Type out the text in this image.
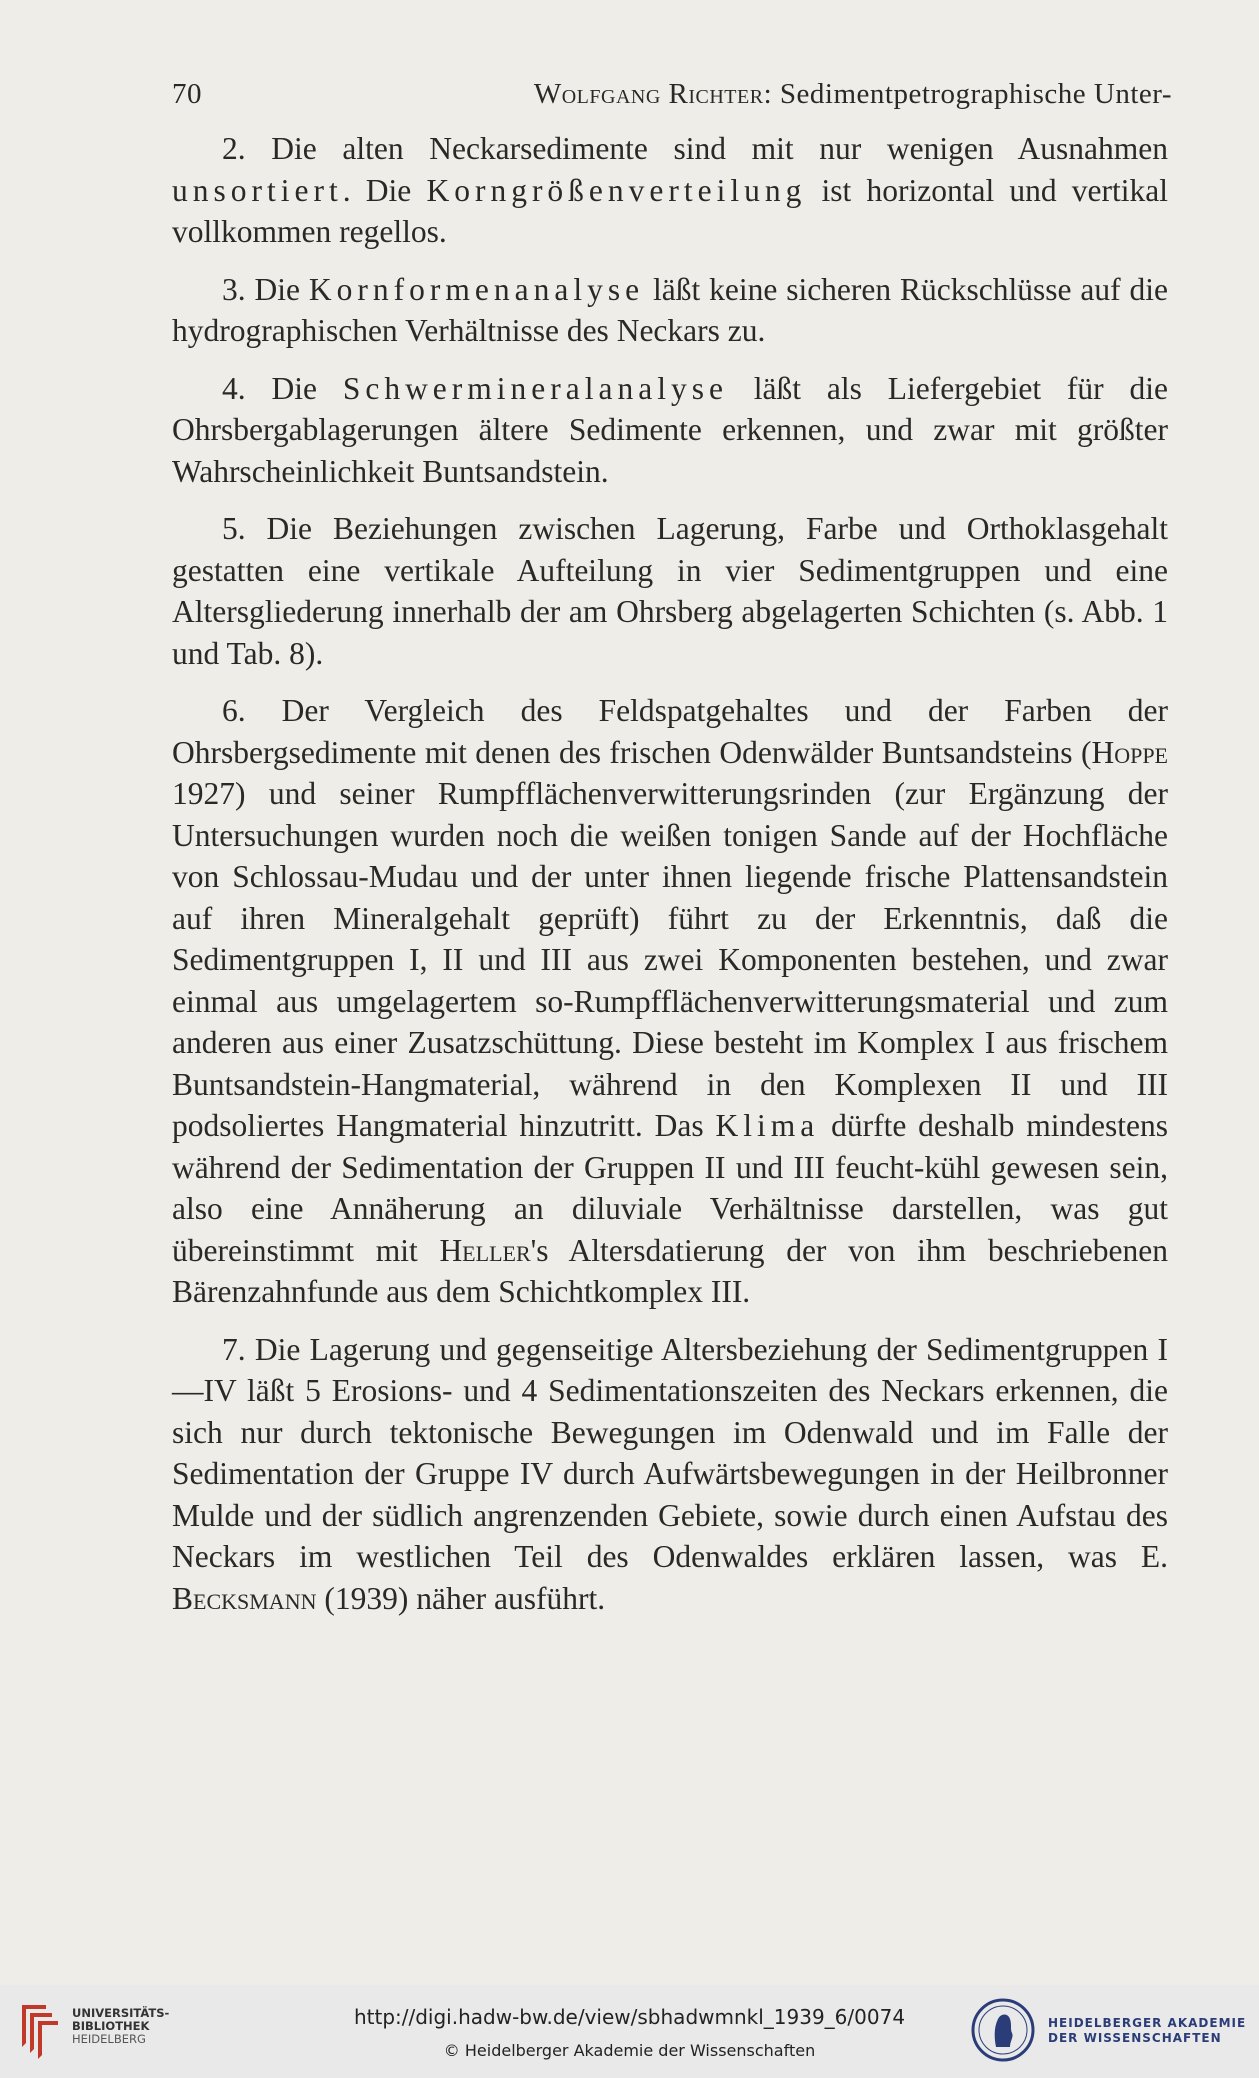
70	Wolfgang Richter: Sedimentpetrographische Unter-

2. Die alten Neckarsedimente sind mit nur wenigen Ausnahmen unsortiert. Die Korngrößenverteilung ist horizontal und vertikal vollkommen regellos.

3. Die Kornformenanalyse läßt keine sicheren Rückschlüsse auf die hydrographischen Verhältnisse des Neckars zu.

4. Die Schwermineralanalyse läßt als Liefergebiet für die Ohrsbergablagerungen ältere Sedimente erkennen, und zwar mit größter Wahrscheinlichkeit Buntsandstein.

5. Die Beziehungen zwischen Lagerung, Farbe und Orthoklasgehalt gestatten eine vertikale Aufteilung in vier Sedimentgruppen und eine Altersgliederung innerhalb der am Ohrsberg abgelagerten Schichten (s. Abb. 1 und Tab. 8).

6. Der Vergleich des Feldspatgehaltes und der Farben der Ohrsbergsedimente mit denen des frischen Odenwälder Buntsandsteins (Hoppe 1927) und seiner Rumpfflächenverwitterungsrinden (zur Ergänzung der Untersuchungen wurden noch die weißen tonigen Sande auf der Hochfläche von Schlossau-Mudau und der unter ihnen liegende frische Plattensandstein auf ihren Mineralgehalt geprüft) führt zu der Erkenntnis, daß die Sedimentgruppen I, II und III aus zwei Komponenten bestehen, und zwar einmal aus umgelagertem so-Rumpfflächenverwitterungsmaterial und zum anderen aus einer Zusatzschüttung. Diese besteht im Komplex I aus frischem Buntsandstein-Hangmaterial, während in den Komplexen II und III podsoliertes Hangmaterial hinzutritt. Das Klima dürfte deshalb mindestens während der Sedimentation der Gruppen II und III feucht-kühl gewesen sein, also eine Annäherung an diluviale Verhältnisse darstellen, was gut übereinstimmt mit Heller's Altersdatierung der von ihm beschriebenen Bärenzahnfunde aus dem Schichtkomplex III.

7. Die Lagerung und gegenseitige Altersbeziehung der Sedimentgruppen I—IV läßt 5 Erosions- und 4 Sedimentationszeiten des Neckars erkennen, die sich nur durch tektonische Bewegungen im Odenwald und im Falle der Sedimentation der Gruppe IV durch Aufwärtsbewegungen in der Heilbronner Mulde und der südlich angrenzenden Gebiete, sowie durch einen Aufstau des Neckars im westlichen Teil des Odenwaldes erklären lassen, was E. Becksmann (1939) näher ausführt.

UNIVERSITÄTS-
BIBLIOTHEK
HEIDELBERG
http://digi.hadw-bw.de/view/sbhadwmnkl_1939_6/0074
© Heidelberger Akademie der Wissenschaften
HEIDELBERGER AKADEMIE
DER WISSENSCHAFTEN
